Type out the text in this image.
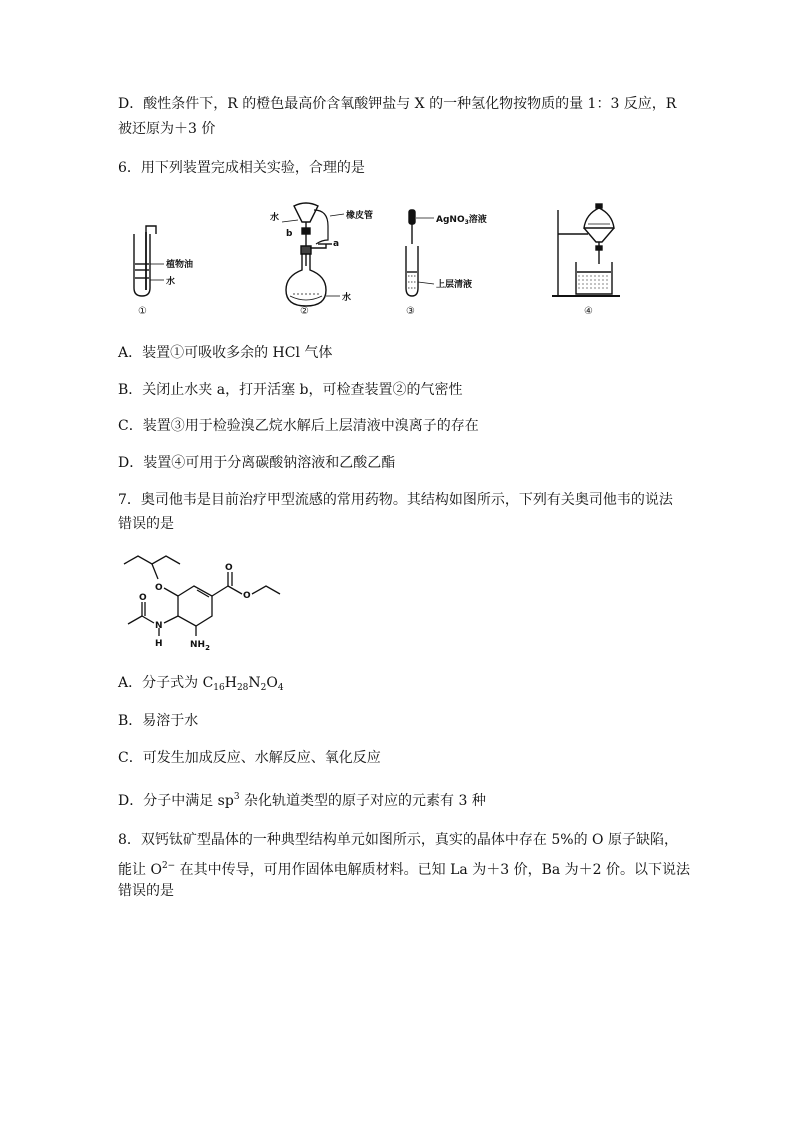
D．酸性条件下，R 的橙色最高价含氧酸钾盐与 X 的一种氢化物按物质的量 1：3 反应，R
被还原为＋3 价
6．用下列装置完成相关实验，合理的是
植物油
水
①
水	橡皮管
b
a
水
②
AgNO$_3$溶液
上层清液
③	④
A．装置①可吸收多余的 HCl 气体
B．关闭止水夹 a，打开活塞 b，可检查装置②的气密性
C．装置③用于检验溴乙烷水解后上层清液中溴离子的存在
D．装置④可用于分离碳酸钠溶液和乙酸乙酯
7．奥司他韦是目前治疗甲型流感的常用药物。其结构如图所示，下列有关奥司他韦的说法
错误的是
O
O
N
H
O
O
$NH_2$
A．分子式为 $C_{16}H_{28}N_2O_4$
B．易溶于水
C．可发生加成反应、水解反应、氧化反应
D．分子中满足 $sp^3$ 杂化轨道类型的原子对应的元素有 3 种
8．双钙钛矿型晶体的一种典型结构单元如图所示，真实的晶体中存在 5%的 O 原子缺陷，
能让 $O^{2-}$ 在其中传导，可用作固体电解质材料。已知 La 为＋3 价，Ba 为＋2 价。以下说法
错误的是
